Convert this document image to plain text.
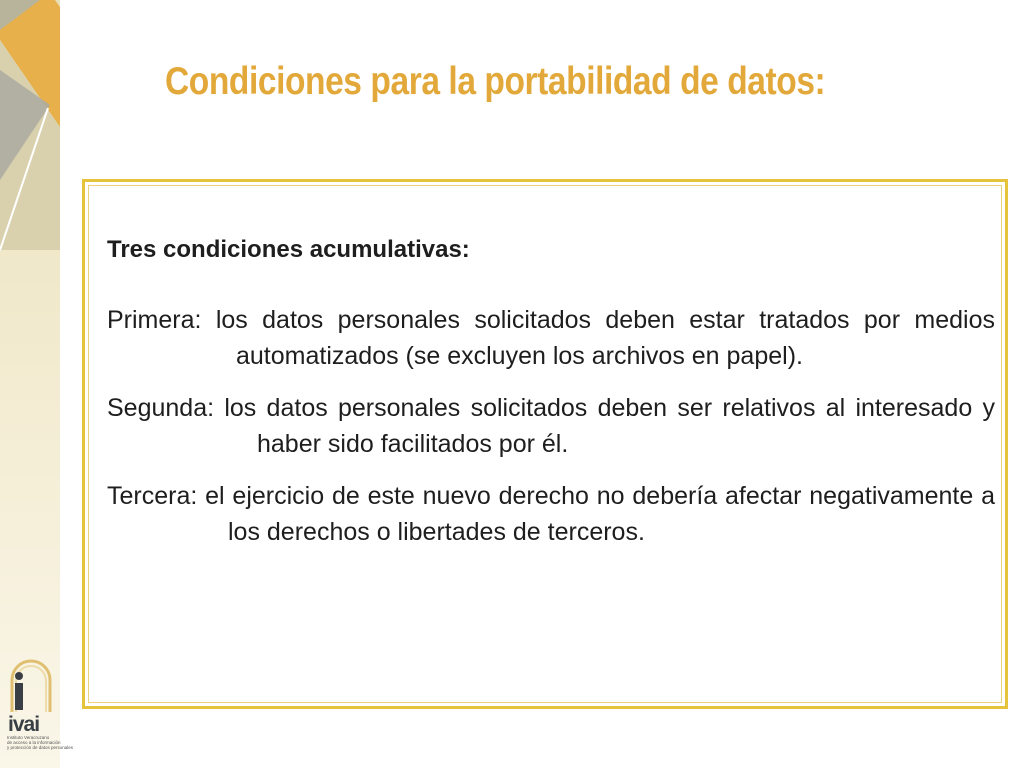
Condiciones para la portabilidad de datos:

Tres condiciones acumulativas:

Primera: los datos personales solicitados deben estar tratados por medios automatizados (se excluyen los archivos en papel).

Segunda: los datos personales solicitados deben ser relativos al interesado y haber sido facilitados por él.

Tercera: el ejercicio de este nuevo derecho no debería afectar negativamente a los derechos o libertades de terceros.

ivai
Instituto Veracruzano
de acceso a la información
y protección de datos personales
